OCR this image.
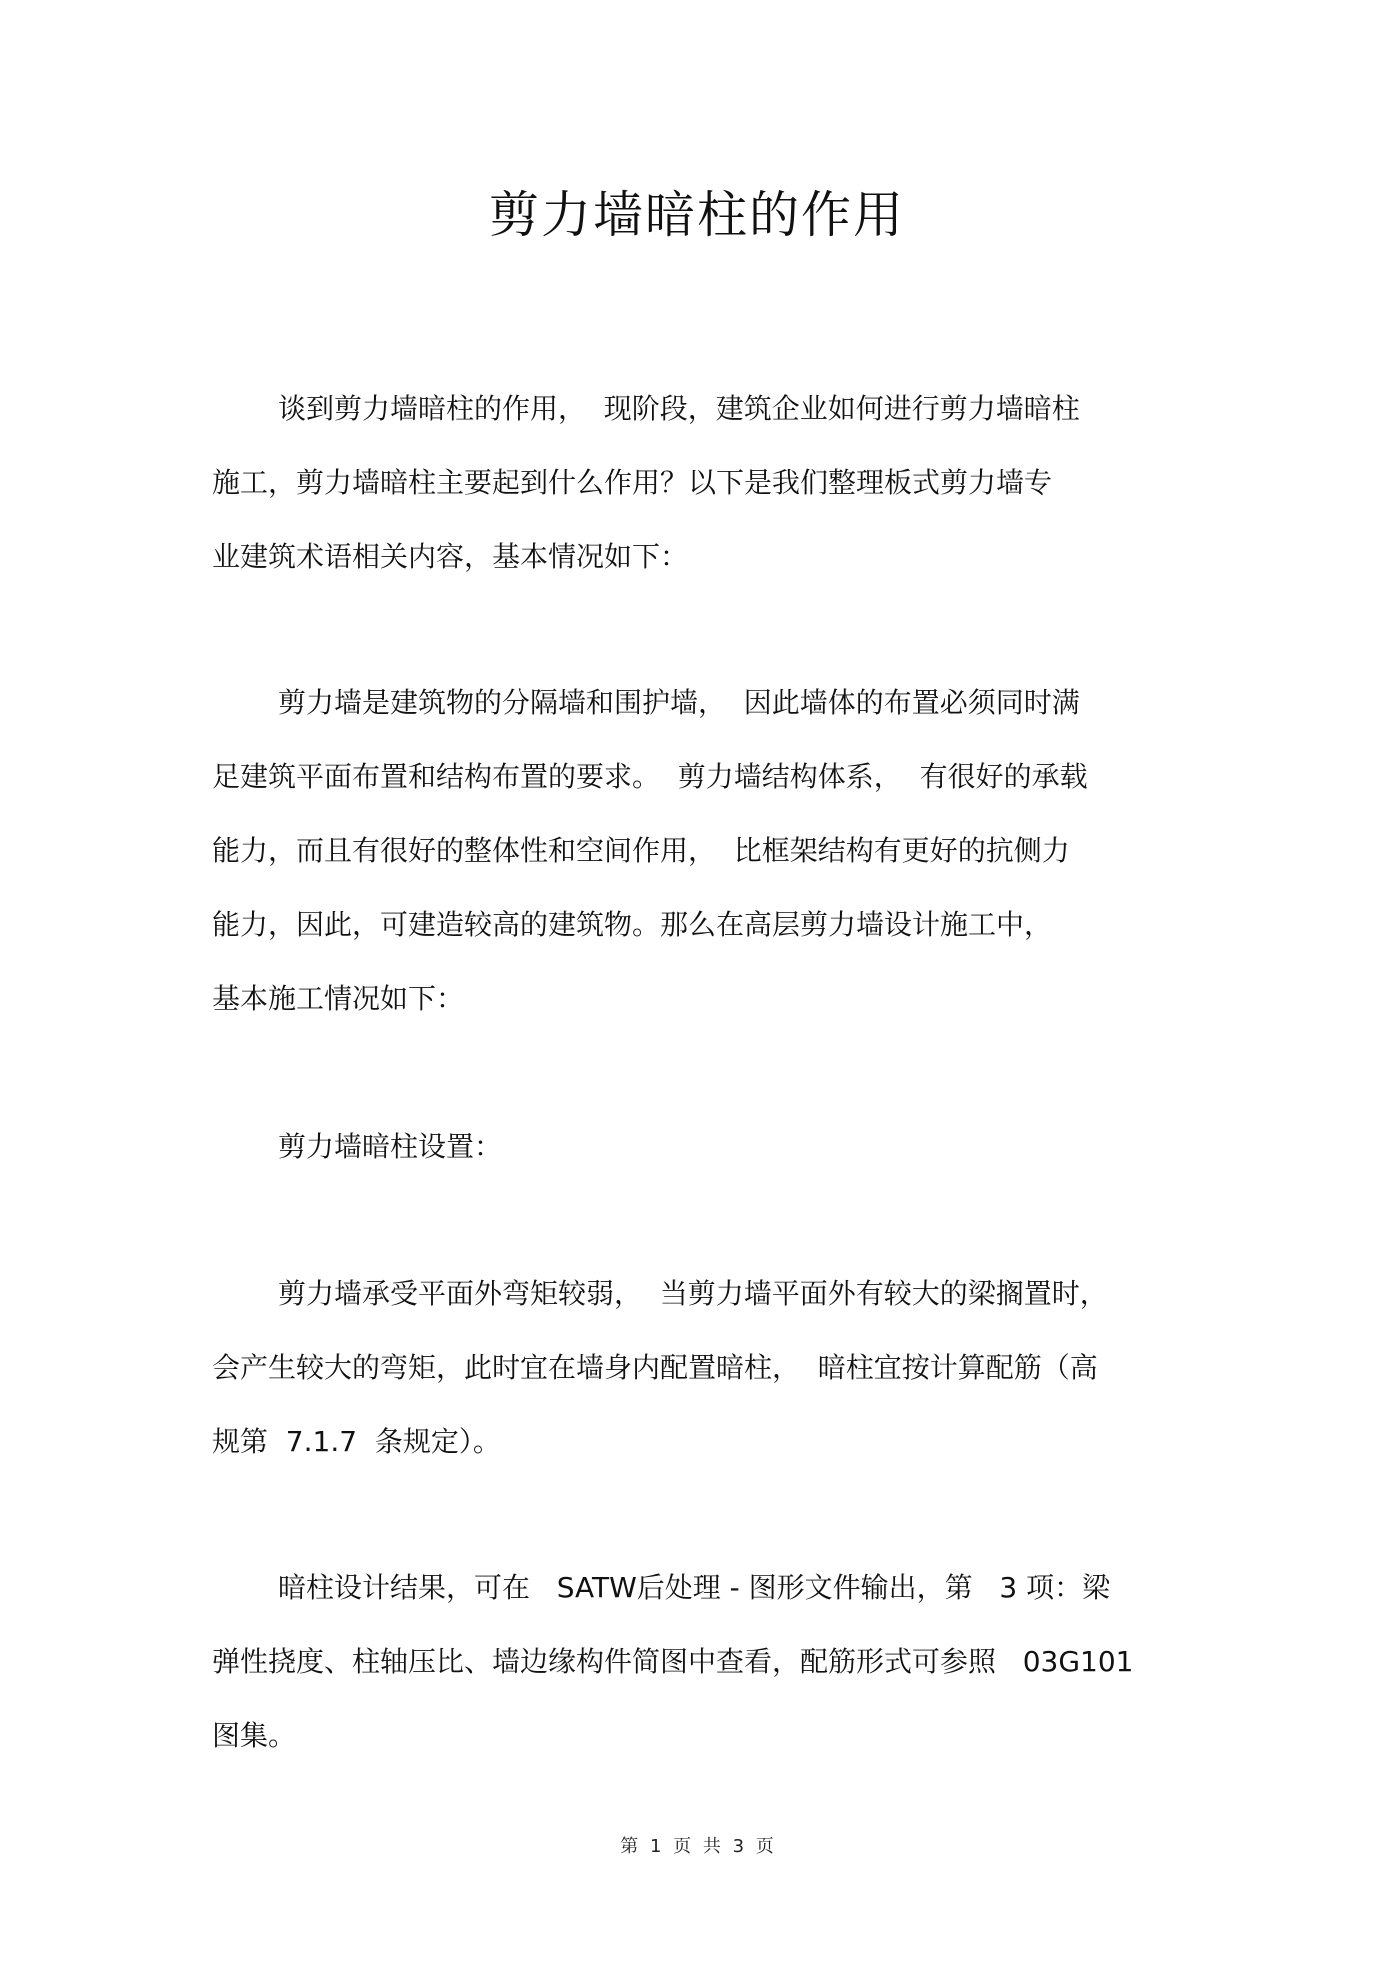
剪力墙暗柱的作用
谈到剪力墙暗柱的作用，  现阶段，建筑企业如何进行剪力墙暗柱
施工，剪力墙暗柱主要起到什么作用？以下是我们整理板式剪力墙专
业建筑术语相关内容，基本情况如下：
剪力墙是建筑物的分隔墙和围护墙，  因此墙体的布置必须同时满
足建筑平面布置和结构布置的要求。  剪力墙结构体系，  有很好的承载
能力，而且有很好的整体性和空间作用，  比框架结构有更好的抗侧力
能力，因此，可建造较高的建筑物。那么在高层剪力墙设计施工中，
基本施工情况如下：
剪力墙暗柱设置：
剪力墙承受平面外弯矩较弱，  当剪力墙平面外有较大的梁搁置时，
会产生较大的弯矩，此时宜在墙身内配置暗柱，  暗柱宜按计算配筋（高
规第  7.1.7  条规定）。
暗柱设计结果，可在   SATW后处理 - 图形文件输出，第   3 项：梁
弹性挠度、柱轴压比、墙边缘构件简图中查看，配筋形式可参照   03G101
图集。
第 1 页 共 3 页
